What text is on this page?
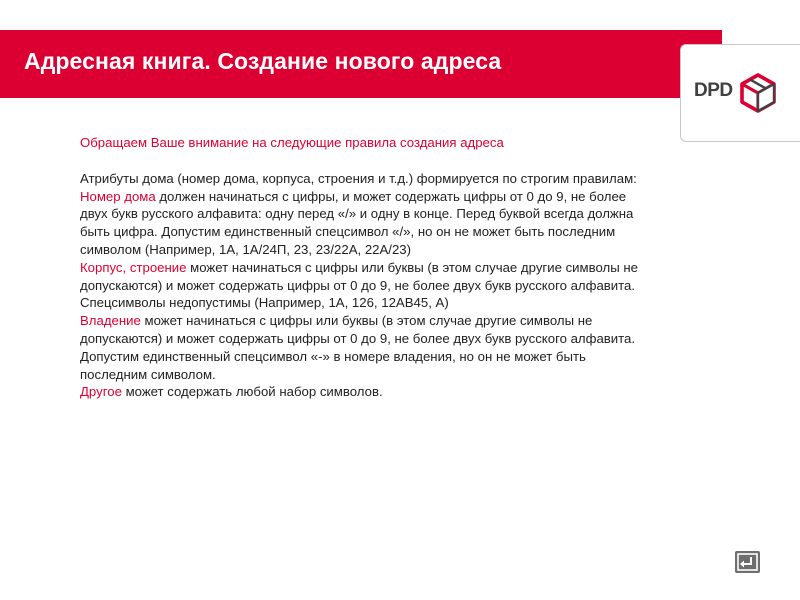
Адресная книга. Создание нового адреса
DPD

Обращаем Ваше внимание на следующие правила создания адреса

Атрибуты дома (номер дома, корпуса, строения и т.д.) формируется по строгим правилам:

Номер дома должен начинаться с цифры, и может содержать цифры от 0 до 9, не более двух букв русского алфавита: одну перед «/» и одну в конце. Перед буквой всегда должна быть цифра. Допустим единственный спецсимвол «/», но он не может быть последним символом (Например, 1А, 1А/24П, 23, 23/22А, 22А/23)

Корпус, строение может начинаться с цифры или буквы (в этом случае другие символы не допускаются) и может содержать цифры от 0 до 9, не более двух букв русского алфавита. Спецсимволы недопустимы (Например, 1А, 126, 12АВ45, А)

Владение может начинаться с цифры или буквы (в этом случае другие символы не допускаются) и может содержать цифры от 0 до 9, не более двух букв русского алфавита. Допустим единственный спецсимвол «-» в номере владения, но он не может быть последним символом.

Другое может содержать любой набор символов.
